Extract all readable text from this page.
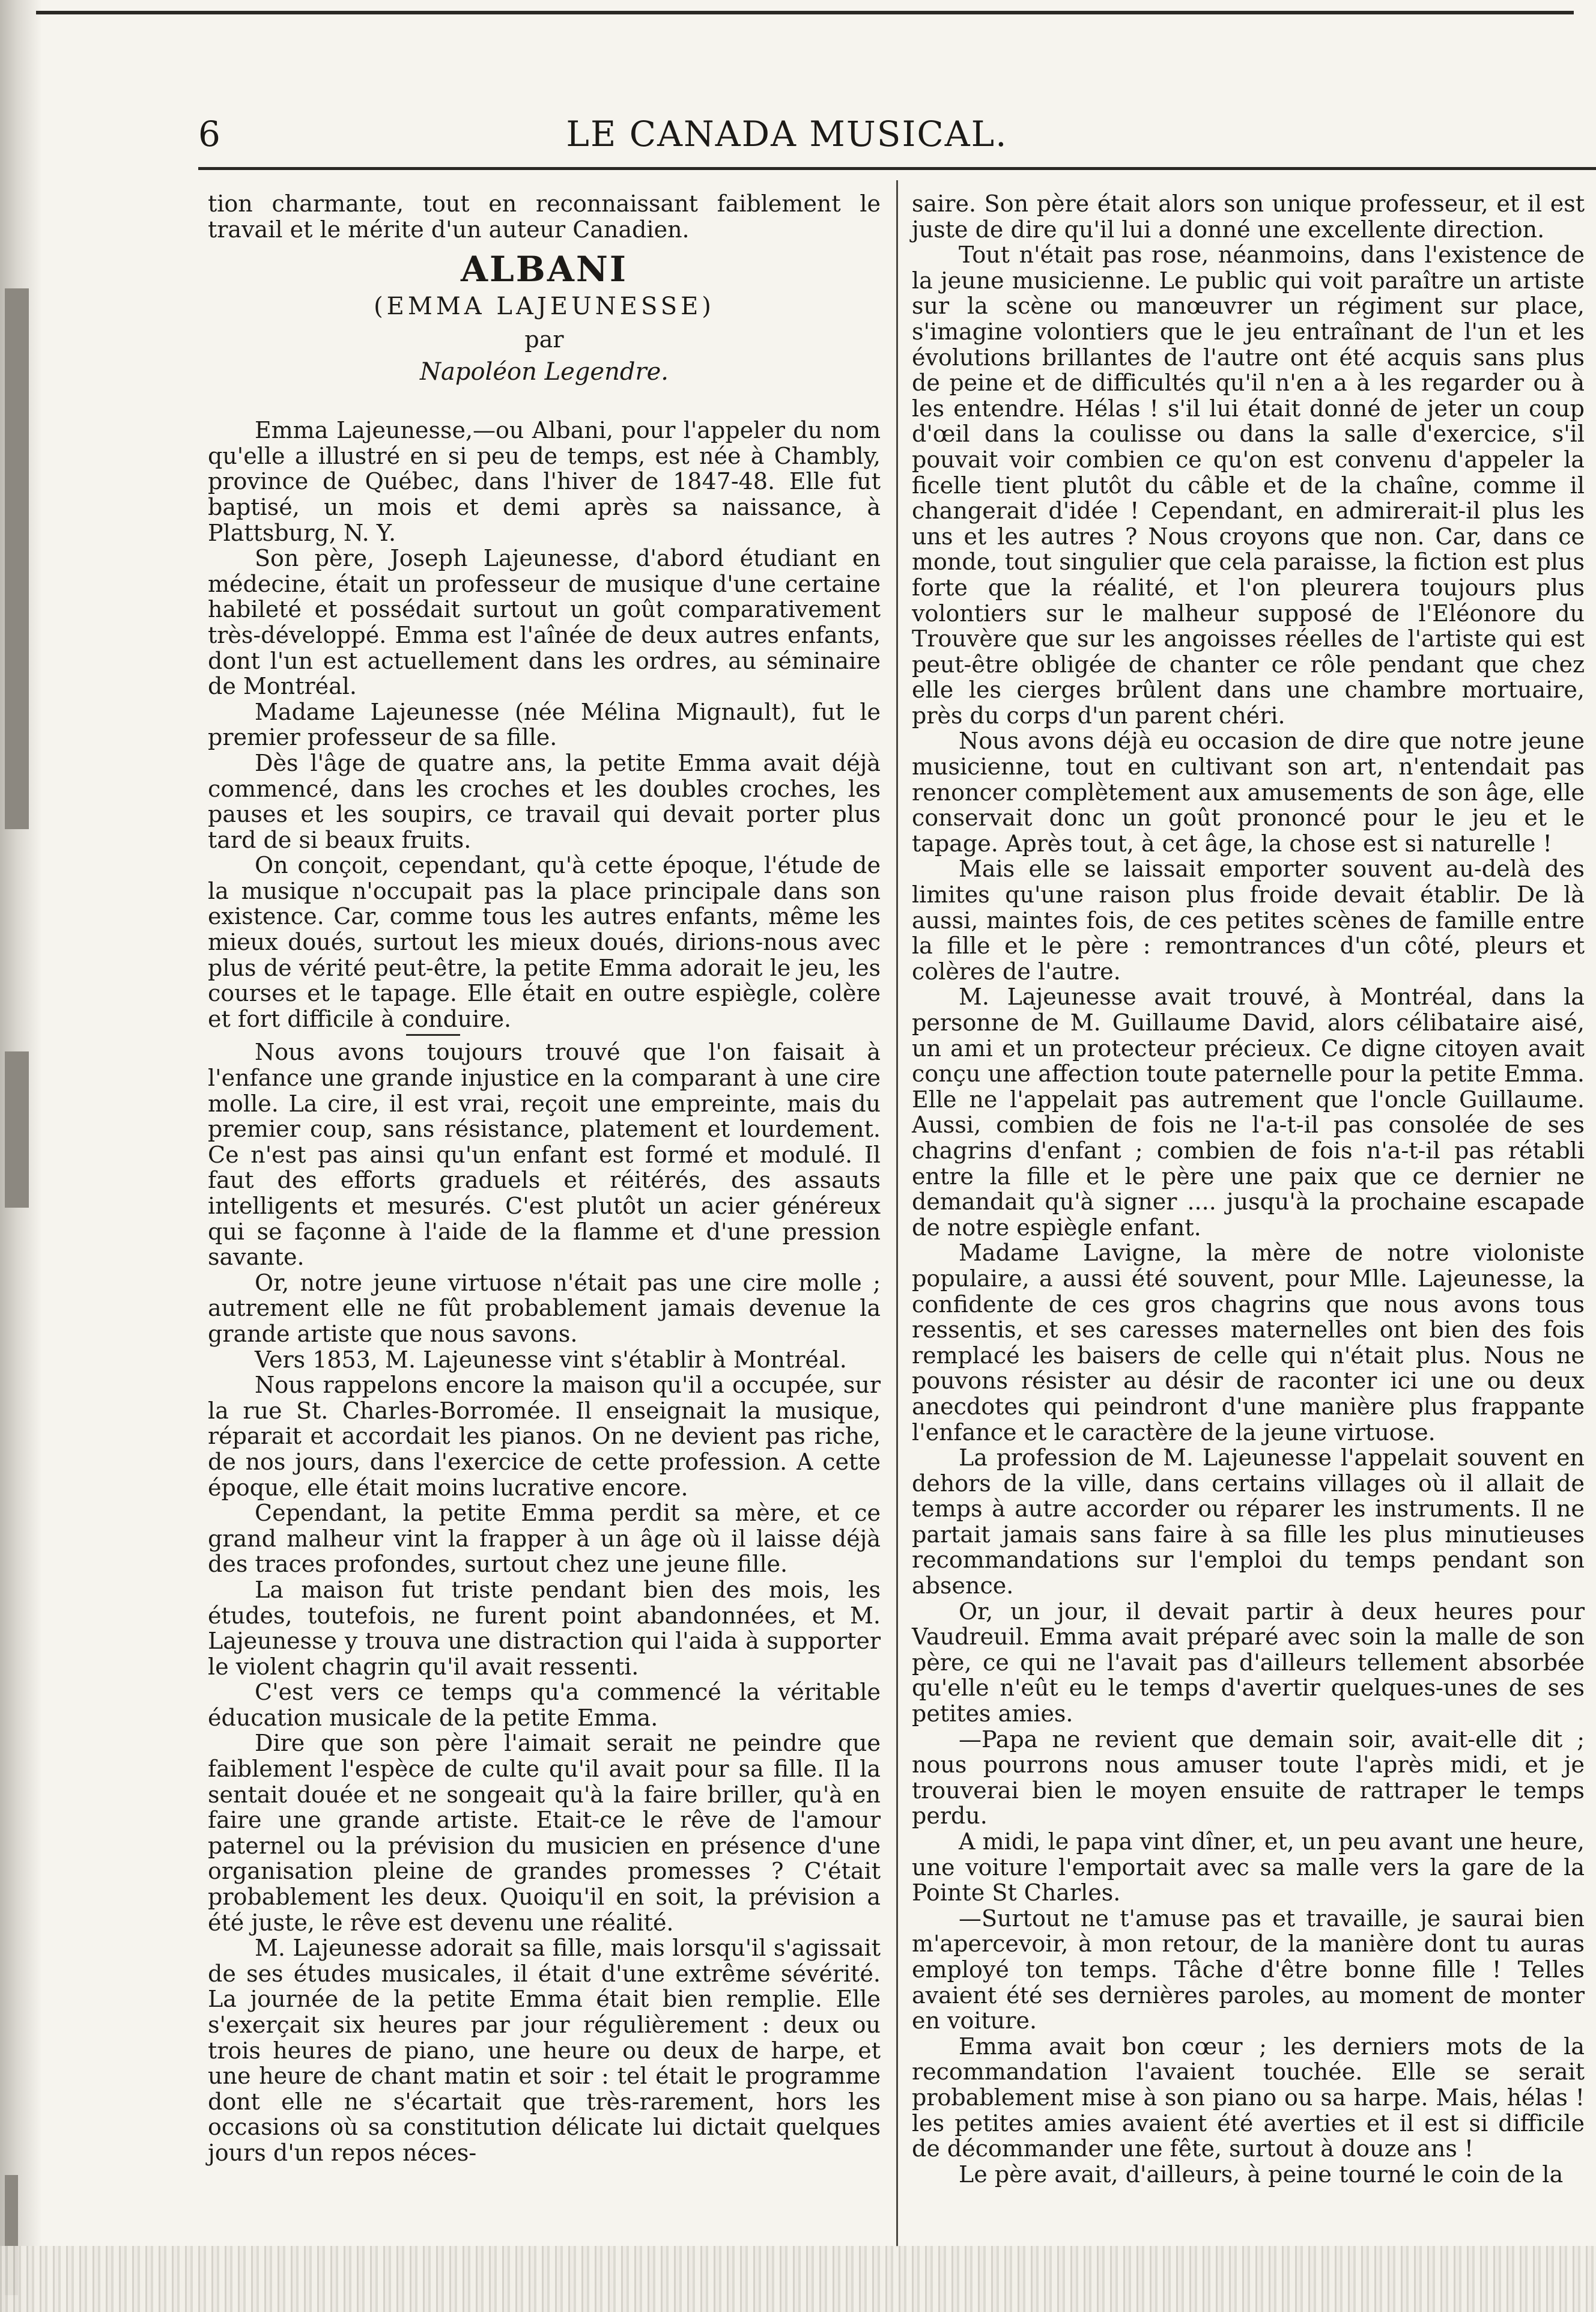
6	LE CANADA MUSICAL.

tion charmante, tout en reconnaissant faiblement le travail et le mérite d'un auteur Canadien.

ALBANI
(EMMA LAJEUNESSE)
par
Napoléon Legendre.

Emma Lajeunesse,—ou Albani, pour l'appeler du nom qu'elle a illustré en si peu de temps, est née à Chambly, province de Québec, dans l'hiver de 1847-48. Elle fut baptisé, un mois et demi après sa naissance, à Plattsburg, N. Y.

Son père, Joseph Lajeunesse, d'abord étudiant en médecine, était un professeur de musique d'une certaine habileté et possédait surtout un goût comparativement très-développé. Emma est l'aînée de deux autres enfants, dont l'un est actuellement dans les ordres, au séminaire de Montréal.

Madame Lajeunesse (née Mélina Mignault), fut le premier professeur de sa fille.

Dès l'âge de quatre ans, la petite Emma avait déjà commencé, dans les croches et les doubles croches, les pauses et les soupirs, ce travail qui devait porter plus tard de si beaux fruits.

On conçoit, cependant, qu'à cette époque, l'étude de la musique n'occupait pas la place principale dans son existence. Car, comme tous les autres enfants, même les mieux doués, surtout les mieux doués, dirions-nous avec plus de vérité peut-être, la petite Emma adorait le jeu, les courses et le tapage. Elle était en outre espiègle, colère et fort difficile à conduire.

Nous avons toujours trouvé que l'on faisait à l'enfance une grande injustice en la comparant à une cire molle. La cire, il est vrai, reçoit une empreinte, mais du premier coup, sans résistance, platement et lourdement. Ce n'est pas ainsi qu'un enfant est formé et modulé. Il faut des efforts graduels et réitérés, des assauts intelligents et mesurés. C'est plutôt un acier généreux qui se façonne à l'aide de la flamme et d'une pression savante.

Or, notre jeune virtuose n'était pas une cire molle ; autrement elle ne fût probablement jamais devenue la grande artiste que nous savons.

Vers 1853, M. Lajeunesse vint s'établir à Montréal.

Nous rappelons encore la maison qu'il a occupée, sur la rue St. Charles-Borromée. Il enseignait la musique, réparait et accordait les pianos. On ne devient pas riche, de nos jours, dans l'exercice de cette profession. A cette époque, elle était moins lucrative encore.

Cependant, la petite Emma perdit sa mère, et ce grand malheur vint la frapper à un âge où il laisse déjà des traces profondes, surtout chez une jeune fille.

La maison fut triste pendant bien des mois, les études, toutefois, ne furent point abandonnées, et M. Lajeunesse y trouva une distraction qui l'aida à supporter le violent chagrin qu'il avait ressenti.

C'est vers ce temps qu'a commencé la véritable éducation musicale de la petite Emma.

Dire que son père l'aimait serait ne peindre que faiblement l'espèce de culte qu'il avait pour sa fille. Il la sentait douée et ne songeait qu'à la faire briller, qu'à en faire une grande artiste. Etait-ce le rêve de l'amour paternel ou la prévision du musicien en présence d'une organisation pleine de grandes promesses ? C'était probablement les deux. Quoiqu'il en soit, la prévision a été juste, le rêve est devenu une réalité.

M. Lajeunesse adorait sa fille, mais lorsqu'il s'agissait de ses études musicales, il était d'une extrême sévérité. La journée de la petite Emma était bien remplie. Elle s'exerçait six heures par jour régulièrement : deux ou trois heures de piano, une heure ou deux de harpe, et une heure de chant matin et soir : tel était le programme dont elle ne s'écartait que très-rarement, hors les occasions où sa constitution délicate lui dictait quelques jours d'un repos néces-

saire. Son père était alors son unique professeur, et il est juste de dire qu'il lui a donné une excellente direction.

Tout n'était pas rose, néanmoins, dans l'existence de la jeune musicienne. Le public qui voit paraître un artiste sur la scène ou manœuvrer un régiment sur place, s'imagine volontiers que le jeu entraînant de l'un et les évolutions brillantes de l'autre ont été acquis sans plus de peine et de difficultés qu'il n'en a à les regarder ou à les entendre. Hélas ! s'il lui était donné de jeter un coup d'œil dans la coulisse ou dans la salle d'exercice, s'il pouvait voir combien ce qu'on est convenu d'appeler la ficelle tient plutôt du câble et de la chaîne, comme il changerait d'idée ! Cependant, en admirerait-il plus les uns et les autres ? Nous croyons que non. Car, dans ce monde, tout singulier que cela paraisse, la fiction est plus forte que la réalité, et l'on pleurera toujours plus volontiers sur le malheur supposé de l'Eléonore du Trouvère que sur les angoisses réelles de l'artiste qui est peut-être obligée de chanter ce rôle pendant que chez elle les cierges brûlent dans une chambre mortuaire, près du corps d'un parent chéri.

Nous avons déjà eu occasion de dire que notre jeune musicienne, tout en cultivant son art, n'entendait pas renoncer complètement aux amusements de son âge, elle conservait donc un goût prononcé pour le jeu et le tapage. Après tout, à cet âge, la chose est si naturelle !

Mais elle se laissait emporter souvent au-delà des limites qu'une raison plus froide devait établir. De là aussi, maintes fois, de ces petites scènes de famille entre la fille et le père : remontrances d'un côté, pleurs et colères de l'autre.

M. Lajeunesse avait trouvé, à Montréal, dans la personne de M. Guillaume David, alors célibataire aisé, un ami et un protecteur précieux. Ce digne citoyen avait conçu une affection toute paternelle pour la petite Emma. Elle ne l'appelait pas autrement que l'oncle Guillaume. Aussi, combien de fois ne l'a-t-il pas consolée de ses chagrins d'enfant ; combien de fois n'a-t-il pas rétabli entre la fille et le père une paix que ce dernier ne demandait qu'à signer .... jusqu'à la prochaine escapade de notre espiègle enfant.

Madame Lavigne, la mère de notre violoniste populaire, a aussi été souvent, pour Mlle. Lajeunesse, la confidente de ces gros chagrins que nous avons tous ressentis, et ses caresses maternelles ont bien des fois remplacé les baisers de celle qui n'était plus. Nous ne pouvons résister au désir de raconter ici une ou deux anecdotes qui peindront d'une manière plus frappante l'enfance et le caractère de la jeune virtuose.

La profession de M. Lajeunesse l'appelait souvent en dehors de la ville, dans certains villages où il allait de temps à autre accorder ou réparer les instruments. Il ne partait jamais sans faire à sa fille les plus minutieuses recommandations sur l'emploi du temps pendant son absence.

Or, un jour, il devait partir à deux heures pour Vaudreuil. Emma avait préparé avec soin la malle de son père, ce qui ne l'avait pas d'ailleurs tellement absorbée qu'elle n'eût eu le temps d'avertir quelques-unes de ses petites amies.

—Papa ne revient que demain soir, avait-elle dit ; nous pourrons nous amuser toute l'après midi, et je trouverai bien le moyen ensuite de rattraper le temps perdu.

A midi, le papa vint dîner, et, un peu avant une heure, une voiture l'emportait avec sa malle vers la gare de la Pointe St Charles.

—Surtout ne t'amuse pas et travaille, je saurai bien m'apercevoir, à mon retour, de la manière dont tu auras employé ton temps. Tâche d'être bonne fille ! Telles avaient été ses dernières paroles, au moment de monter en voiture.

Emma avait bon cœur ; les derniers mots de la recommandation l'avaient touchée. Elle se serait probablement mise à son piano ou sa harpe. Mais, hélas ! les petites amies avaient été averties et il est si difficile de décommander une fête, surtout à douze ans !

Le père avait, d'ailleurs, à peine tourné le coin de la
